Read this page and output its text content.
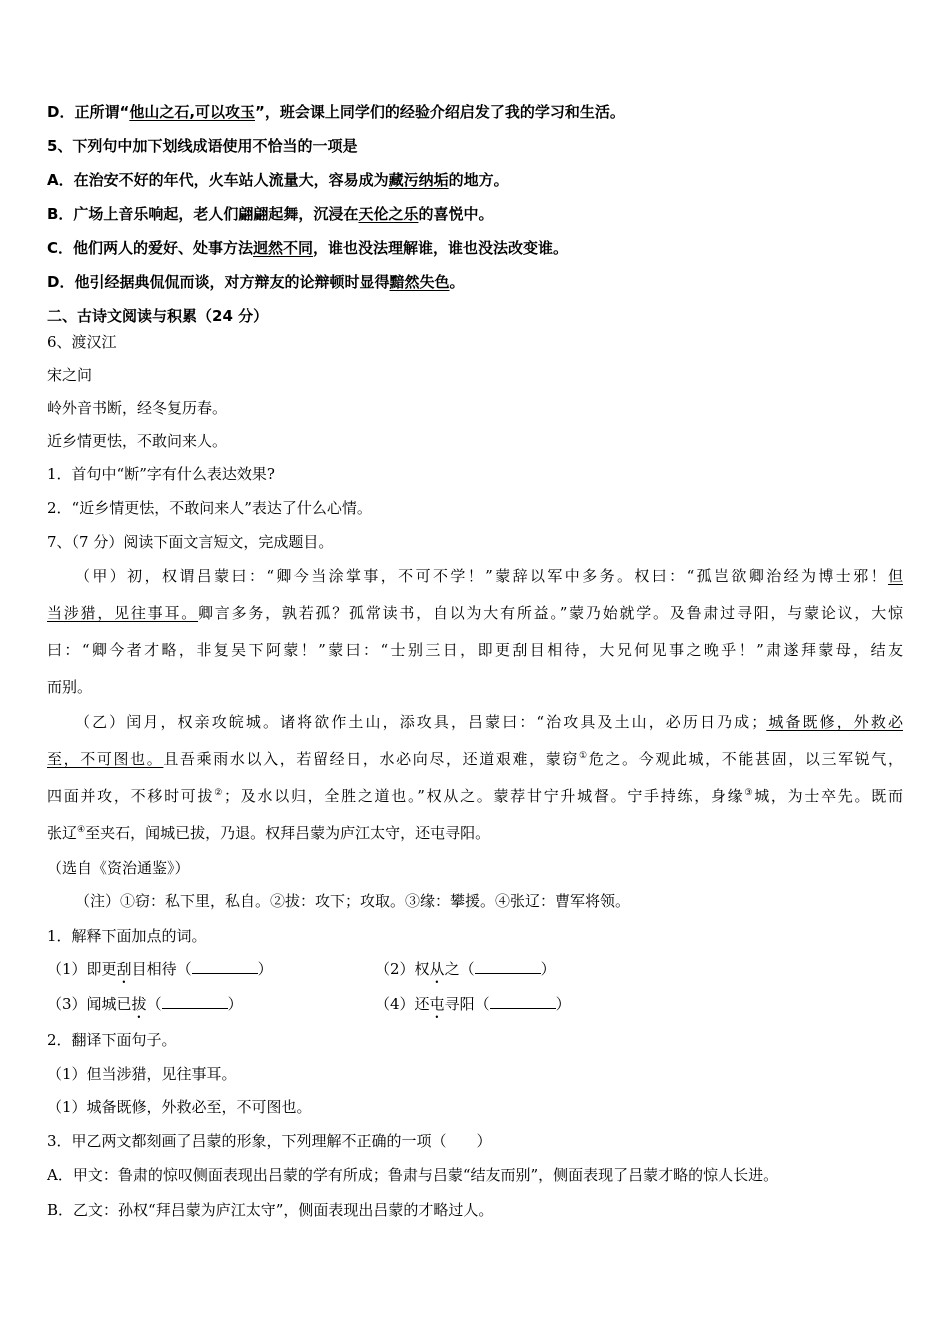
D．正所谓“他山之石,可以攻玉”，班会课上同学们的经验介绍启发了我的学习和生活。
5、下列句中加下划线成语使用不恰当的一项是
A．在治安不好的年代，火车站人流量大，容易成为藏污纳垢的地方。
B．广场上音乐响起，老人们翩翩起舞，沉浸在天伦之乐的喜悦中。
C．他们两人的爱好、处事方法迥然不同，谁也没法理解谁，谁也没法改变谁。
D．他引经据典侃侃而谈，对方辩友的论辩顿时显得黯然失色。
二、古诗文阅读与积累（24 分）
6、渡汉江
宋之问
岭外音书断，经冬复历春。
近乡情更怯，不敢问来人。
1．首句中“断”字有什么表达效果?
2．“近乡情更怯，不敢问来人”表达了什么心情。
7、（7 分）阅读下面文言短文，完成题目。
（甲）初，权谓吕蒙曰：“卿今当涂掌事，不可不学！”蒙辞以军中多务。权曰：“孤岂欲卿治经为博士邪！但
当涉猎，见往事耳。卿言多务，孰若孤？孤常读书，自以为大有所益。”蒙乃始就学。及鲁肃过寻阳，与蒙论议，大惊
曰：“卿今者才略，非复吴下阿蒙！”蒙曰：“士别三日，即更刮目相待，大兄何见事之晚乎！”肃遂拜蒙母，结友
而别。
（乙）闰月，权亲攻皖城。诸将欲作土山，添攻具，吕蒙曰：“治攻具及土山，必历日乃成；城备既修，外救必
至，不可图也。且吾乘雨水以入，若留经日，水必向尽，还道艰难，蒙窃①危之。今观此城，不能甚固，以三军锐气，
四面并攻，不移时可拔②；及水以归，全胜之道也。”权从之。蒙荐甘宁升城督。宁手持练，身缘③城，为士卒先。既而
张辽④至夹石，闻城已拔，乃退。权拜吕蒙为庐江太守，还屯寻阳。
（选自《资治通鉴》）
（注）①窃：私下里，私自。②拔：攻下；攻取。③缘：攀援。④张辽：曹军将领。
1．解释下面加点的词。
（1）即更刮目相待（	）	（2）权从之（	）
（3）闻城已拔（	）	（4）还屯寻阳（	）
2．翻译下面句子。
（1）但当涉猎，见往事耳。
（1）城备既修，外救必至，不可图也。
3．甲乙两文都刻画了吕蒙的形象，下列理解不正确的一项（　　）
A．甲文：鲁肃的惊叹侧面表现出吕蒙的学有所成；鲁肃与吕蒙“结友而别”，侧面表现了吕蒙才略的惊人长进。
B．乙文：孙权“拜吕蒙为庐江太守”，侧面表现出吕蒙的才略过人。
